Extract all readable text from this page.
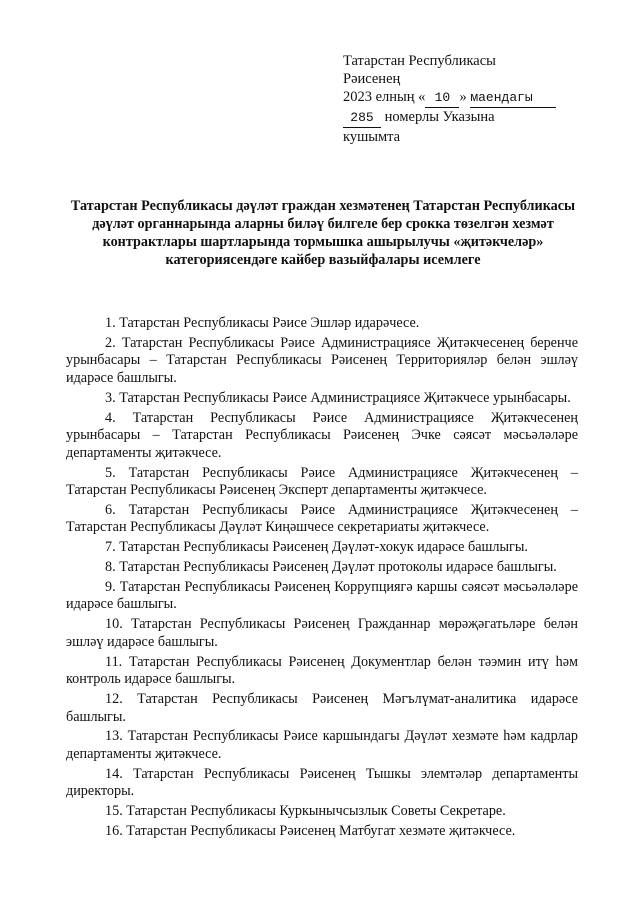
Татарстан Республикасы
Рәисенең
2023 елның « 10 » маендагы
285 номерлы Указына
кушымта
Татарстан Республикасы дәүләт граждан хезмәтенең Татарстан Республикасы дәүләт органнарында аларны биләү билгеле бер срокка төзелгән хезмәт контрактлары шартларында тормышка ашырылучы «җитәкчеләр» категориясендәге кайбер вазыйфалары исемлеге

1. Татарстан Республикасы Рәисе Эшләр идарәчесе.

2. Татарстан Республикасы Рәисе Администрациясе Җитәкчесенең беренче урынбасары – Татарстан Республикасы Рәисенең Территорияләр белән эшләү идарәсе башлыгы.

3. Татарстан Республикасы Рәисе Администрациясе Җитәкчесе урынбасары.

4. Татарстан Республикасы Рәисе Администрациясе Җитәкчесенең урынбасары – Татарстан Республикасы Рәисенең Эчке сәясәт мәсьәләләре департаменты җитәкчесе.

5. Татарстан Республикасы Рәисе Администрациясе Җитәкчесенең – Татарстан Республикасы Рәисенең Эксперт департаменты җитәкчесе.

6. Татарстан Республикасы Рәисе Администрациясе Җитәкчесенең – Татарстан Республикасы Дәүләт Киңәшчесе секретариаты җитәкчесе.

7. Татарстан Республикасы Рәисенең Дәүләт-хокук идарәсе башлыгы.

8. Татарстан Республикасы Рәисенең Дәүләт протоколы идарәсе башлыгы.

9. Татарстан Республикасы Рәисенең Коррупциягә каршы сәясәт мәсьәләләре идарәсе башлыгы.

10. Татарстан Республикасы Рәисенең Гражданнар мөрәҗәгатьләре белән эшләү идарәсе башлыгы.

11. Татарстан Республикасы Рәисенең Документлар белән тәэмин итү һәм контроль идарәсе башлыгы.

12. Татарстан Республикасы Рәисенең Мәгълүмат-аналитика идарәсе башлыгы.

13. Татарстан Республикасы Рәисе каршындагы Дәүләт хезмәте һәм кадрлар департаменты җитәкчесе.

14. Татарстан Республикасы Рәисенең Тышкы элемтәләр департаменты директоры.

15. Татарстан Республикасы Куркынычсызлык Советы Секретаре.

16. Татарстан Республикасы Рәисенең Матбугат хезмәте җитәкчесе.
